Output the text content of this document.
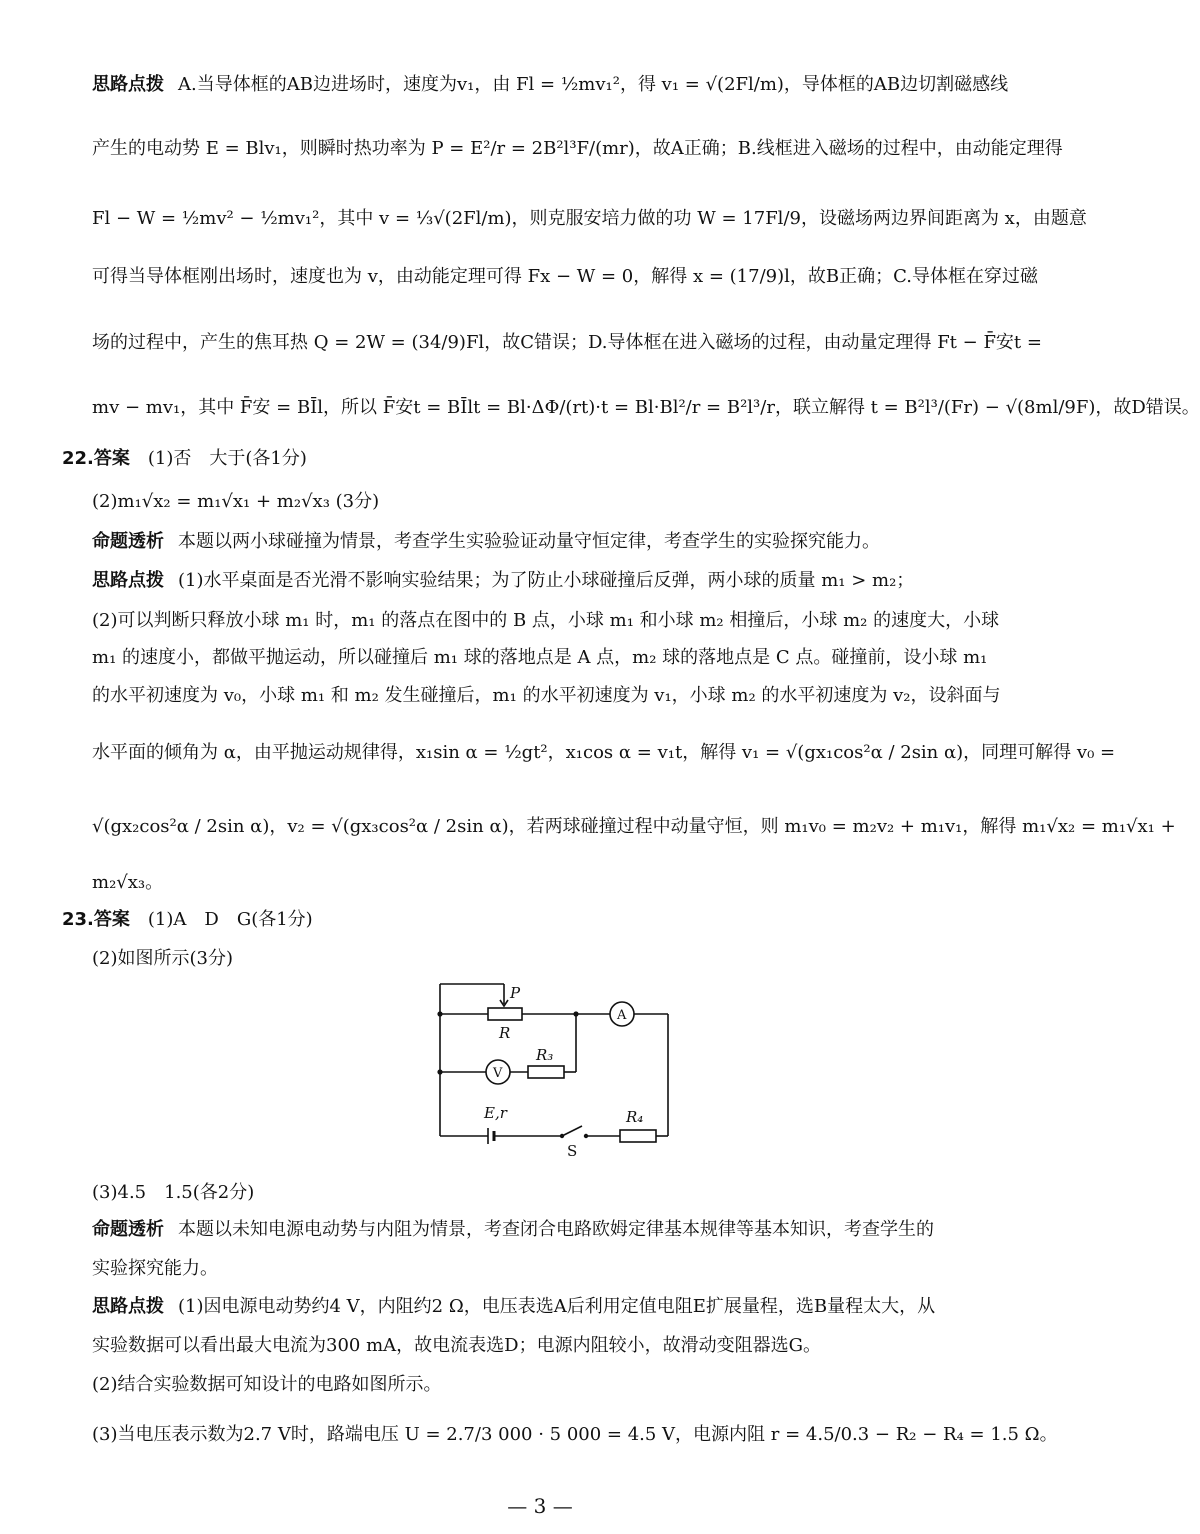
思路点拨 A.当导体框的AB边进场时，速度为v₁，由 Fl = ½mv₁²，得 v₁ = √(2Fl/m)，导体框的AB边切割磁感线
产生的电动势 E = Blv₁，则瞬时热功率为 P = E²/r = 2B²l³F/(mr)，故A正确；B.线框进入磁场的过程中，由动能定理得
Fl − W = ½mv² − ½mv₁²，其中 v = ⅓√(2Fl/m)，则克服安培力做的功 W = 17Fl/9，设磁场两边界间距离为 x，由题意
可得当导体框刚出场时，速度也为 v，由动能定理可得 Fx − W = 0，解得 x = (17/9)l，故B正确；C.导体框在穿过磁
场的过程中，产生的焦耳热 Q = 2W = (34/9)Fl，故C错误；D.导体框在进入磁场的过程，由动量定理得 Ft − F̄安t =
mv − mv₁，其中 F̄安 = BĪl，所以 F̄安t = BĪlt = Bl·ΔΦ/(rt)·t = Bl·Bl²/r = B²l³/r，联立解得 t = B²l³/(Fr) − √(8ml/9F)，故D错误。
22.答案 (1)否　大于(各1分)
(2)m₁√x₂ = m₁√x₁ + m₂√x₃ (3分)
命题透析 本题以两小球碰撞为情景，考查学生实验验证动量守恒定律，考查学生的实验探究能力。
思路点拨 (1)水平桌面是否光滑不影响实验结果；为了防止小球碰撞后反弹，两小球的质量 m₁ > m₂；
(2)可以判断只释放小球 m₁ 时，m₁ 的落点在图中的 B 点，小球 m₁ 和小球 m₂ 相撞后，小球 m₂ 的速度大，小球
m₁ 的速度小，都做平抛运动，所以碰撞后 m₁ 球的落地点是 A 点，m₂ 球的落地点是 C 点。碰撞前，设小球 m₁
的水平初速度为 v₀，小球 m₁ 和 m₂ 发生碰撞后，m₁ 的水平初速度为 v₁，小球 m₂ 的水平初速度为 v₂，设斜面与
水平面的倾角为 α，由平抛运动规律得，x₁sin α = ½gt²，x₁cos α = v₁t，解得 v₁ = √(gx₁cos²α / 2sin α)，同理可解得 v₀ =
√(gx₂cos²α / 2sin α)，v₂ = √(gx₃cos²α / 2sin α)，若两球碰撞过程中动量守恒，则 m₁v₀ = m₂v₂ + m₁v₁，解得 m₁√x₂ = m₁√x₁ +
m₂√x₃。
23.答案 (1)A　D　G(各1分)
(2)如图所示(3分)
P
R
A
V
R₃
E,r	R₄
S
(3)4.5　1.5(各2分)
命题透析 本题以未知电源电动势与内阻为情景，考查闭合电路欧姆定律基本规律等基本知识，考查学生的
实验探究能力。
思路点拨 (1)因电源电动势约4 V，内阻约2 Ω，电压表选A后利用定值电阻E扩展量程，选B量程太大，从
实验数据可以看出最大电流为300 mA，故电流表选D；电源内阻较小，故滑动变阻器选G。
(2)结合实验数据可知设计的电路如图所示。
(3)当电压表示数为2.7 V时，路端电压 U = 2.7/3 000 · 5 000 = 4.5 V，电源内阻 r = 4.5/0.3 − R₂ − R₄ = 1.5 Ω。
— 3 —
